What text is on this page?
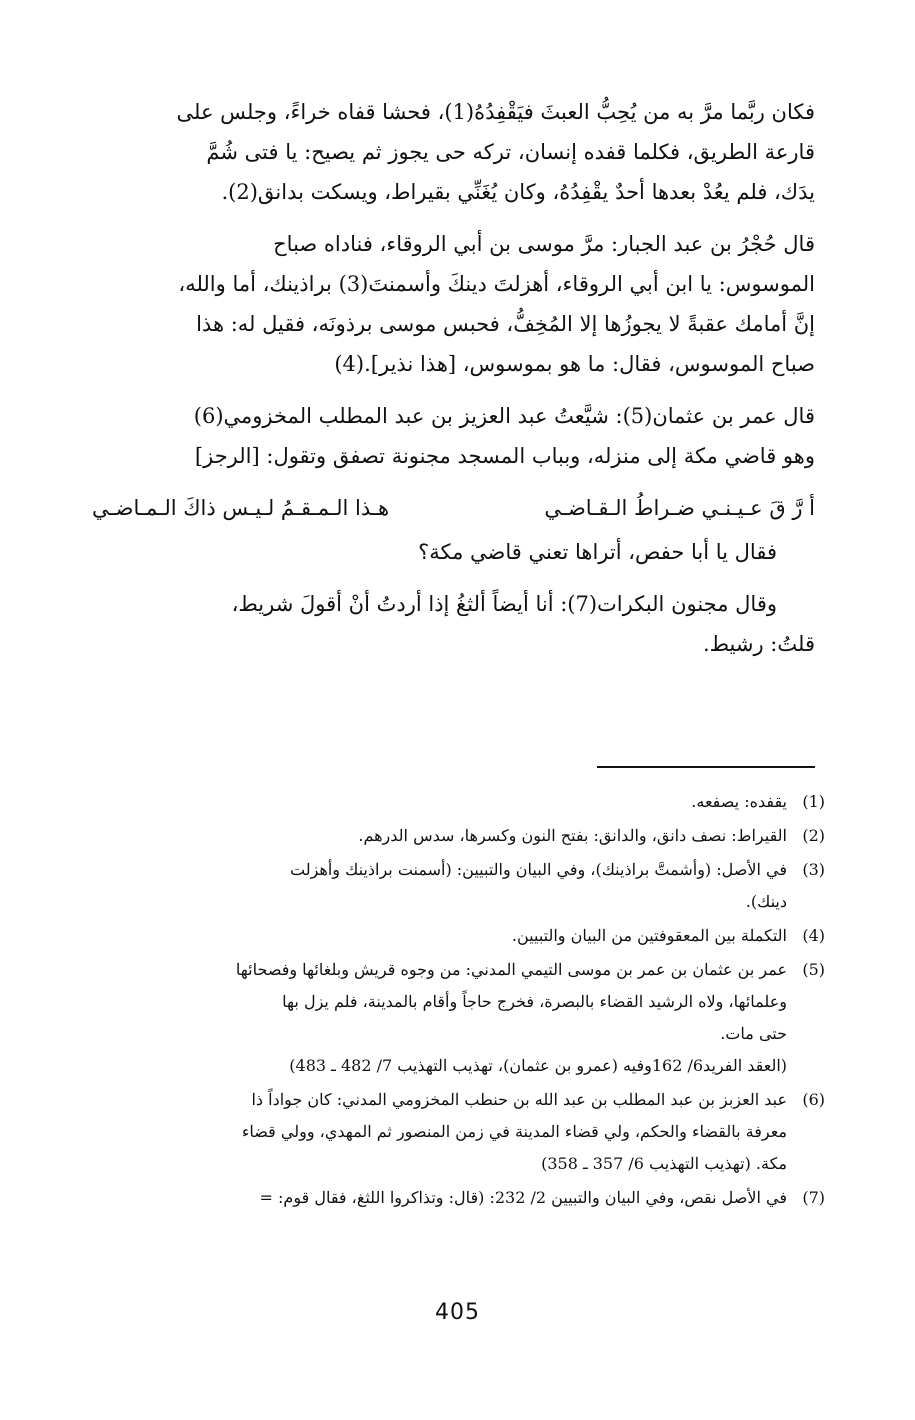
فكان ربَّما مرَّ به من يُحِبُّ العبثَ فيَقْفِدُهُ(1)، فحشا قفاه خراءً، وجلس على
قارعة الطريق، فكلما قفده إنسان، تركه حى يجوز ثم يصيح: يا فتى شُمَّ
يدَك، فلم يعُدْ بعدها أحدٌ يقْفِدُهُ، وكان يُغَنِّي بقيراط، ويسكت بدانق(2).

قال حُجْرُ بن عبد الجبار: مرَّ موسى بن أبي الروقاء، فناداه صباح
الموسوس: يا ابن أبي الروقاء، أهزلتَ دينكَ وأسمنتَ(3) براذينك، أما والله،
إنَّ أمامك عقبةً لا يجوزُها إلا المُخِفُّ، فحبس موسى برذونَه، فقيل له: هذا
صباح الموسوس، فقال: ما هو بموسوس، [هذا نذير].(4)

قال عمر بن عثمان(5): شيَّعتُ عبد العزيز بن عبد المطلب المخزومي(6)
وهو قاضي مكة إلى منزله، وبباب المسجد مجنونة تصفق وتقول: [الرجز]

أ رَّ قَ عـيـنـي ضـراطُ الـقـاضـي
هـذا الـمـقـمُ لـيـس ذاكَ الـمـاضـي

فقال يا أبا حفص، أتراها تعني قاضي مكة؟

وقال مجنون البكرات(7): أنا أيضاً ألثغُ إذا أردتُ أنْ أقولَ شريط،
قلتُ: رشيط.

(1)
يقفده: يصفعه.
(2)
القيراط: نصف دانق، والدانق: بفتح النون وكسرها، سدس الدرهم.
(3)
في الأصل: (وأشمتَّ براذينك)، وفي البيان والتبيين: (أسمنت براذينك وأهزلت
دينك).
(4)
التكملة بين المعقوفتين من البيان والتبيين.
(5)
عمر بن عثمان بن عمر بن موسى التيمي المدني: من وجوه قريش وبلغائها وفصحائها
وعلمائها، ولاه الرشيد القضاء بالبصرة، فخرج حاجاً وأقام بالمدينة، فلم يزل بها
حتى مات.
(العقد الفريد6/ 162وفيه (عمرو بن عثمان)، تهذيب التهذيب 7/ 482 ـ 483)
(6)
عبد العزبز بن عبد المطلب بن عبد الله بن حنطب المخزومي المدني: كان جواداً ذا
معرفة بالقضاء والحكم، ولي قضاء المدينة في زمن المنصور ثم المهدي، وولي قضاء
مكة. (تهذيب التهذيب 6/ 357 ـ 358)
(7)
في الأصل نقص، وفي البيان والتبيين 2/ 232: (قال: وتذاكروا اللثغ، فقال قوم: =
405
